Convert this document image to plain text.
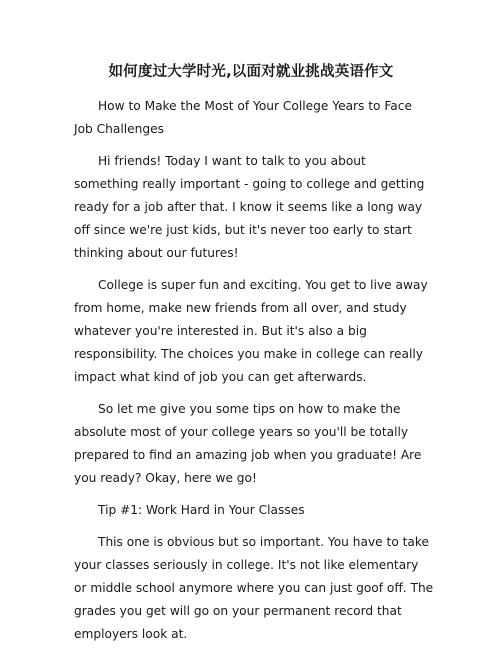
如何度过大学时光,以面对就业挑战英语作文

How to Make the Most of Your College Years to Face Job Challenges

Hi friends! Today I want to talk to you about something really important - going to college and getting ready for a job after that. I know it seems like a long way off since we're just kids, but it's never too early to start thinking about our futures!

College is super fun and exciting. You get to live away from home, make new friends from all over, and study whatever you're interested in. But it's also a big responsibility. The choices you make in college can really impact what kind of job you can get afterwards.

So let me give you some tips on how to make the absolute most of your college years so you'll be totally prepared to find an amazing job when you graduate! Are you ready? Okay, here we go!

Tip #1: Work Hard in Your Classes

This one is obvious but so important. You have to take your classes seriously in college. It's not like elementary or middle school anymore where you can just goof off. The grades you get will go on your permanent record that employers look at.
